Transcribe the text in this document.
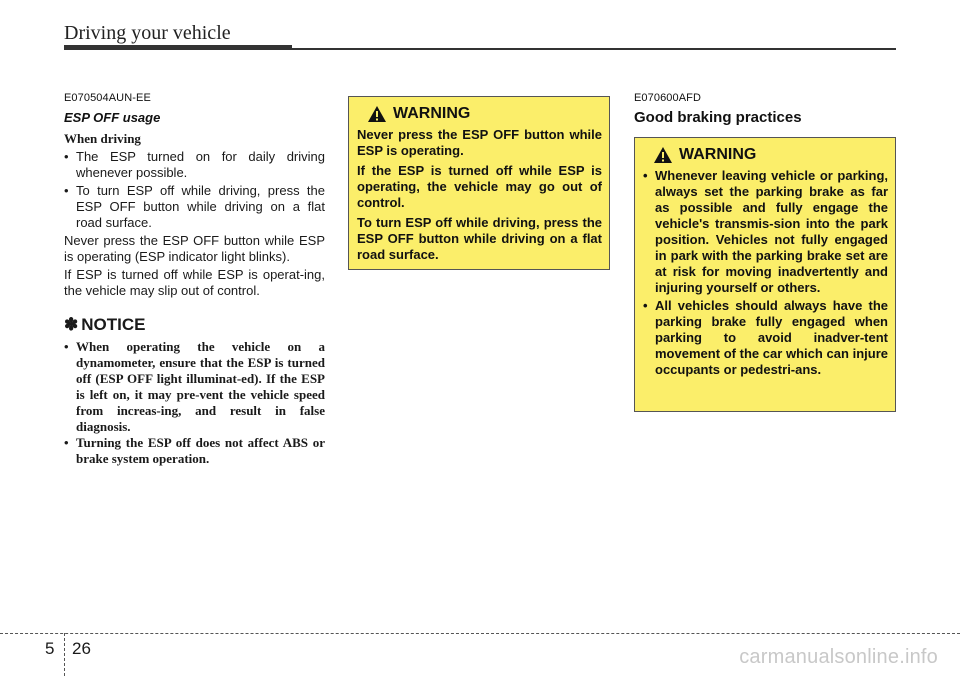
Driving your vehicle
E070504AUN-EE
ESP OFF usage
When driving
• The ESP turned on for daily driving whenever possible.
• To turn ESP off while driving, press the ESP OFF button while driving on a flat road surface.

Never press the ESP OFF button while ESP is operating (ESP indicator light blinks).

If ESP is turned off while ESP is operat-ing, the vehicle may slip out of control.

✽ NOTICE
• When operating the vehicle on a dynamometer, ensure that the ESP is turned off (ESP OFF light illuminat-ed). If the ESP is left on, it may pre-vent the vehicle speed from increas-ing, and result in false diagnosis.
• Turning the ESP off does not affect ABS or brake system operation.
WARNING

Never press the ESP OFF button while ESP is operating.

If the ESP is turned off while ESP is operating, the vehicle may go out of control.

To turn ESP off while driving, press the ESP OFF button while driving on a flat road surface.

E070600AFD
Good braking practices
WARNING
• Whenever leaving vehicle or parking, always set the parking brake as far as possible and fully engage the vehicle's transmis-sion into the park position. Vehicles not fully engaged in park with the parking brake set are at risk for moving inadvertently and injuring yourself or others.
• All vehicles should always have the parking brake fully engaged when parking to avoid inadver-tent movement of the car which can injure occupants or pedestri-ans.
5 26	carmanualsonline.info
